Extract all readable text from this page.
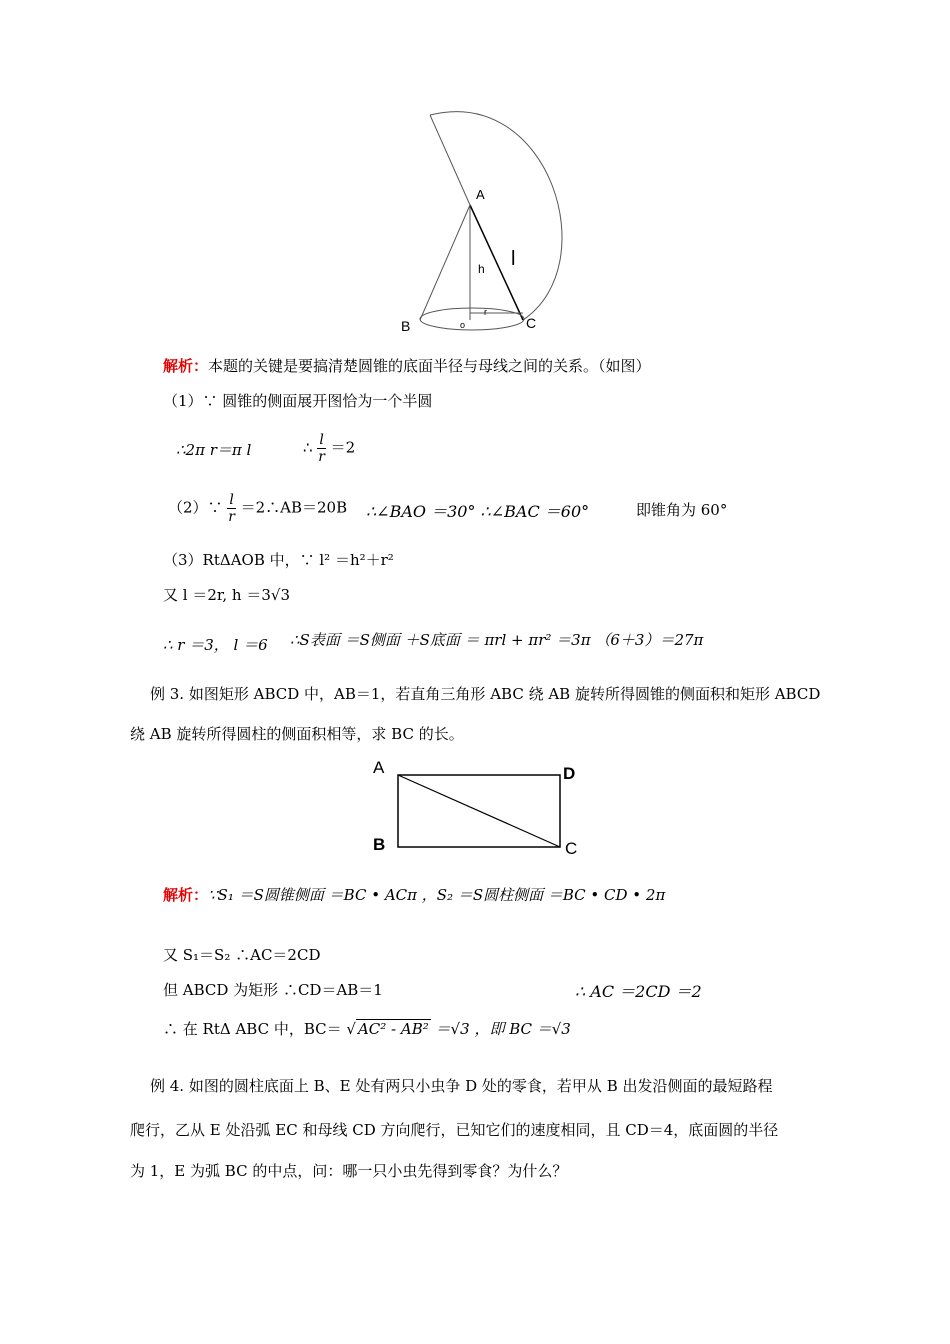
A
h l
r
o
B	C
解析：本题的关键是要搞清楚圆锥的底面半径与母线之间的关系。（如图）
（1）∵ 圆锥的侧面展开图恰为一个半圆
∴2π r＝π l	∴ $\frac{l}{r} =2$
（2）∵ $\frac{l}{r}$ ＝2∴AB＝20B ∴∠BAO ＝30° ∴∠BAC ＝60°	即锥角为 60°
（3）RtΔAOB 中，∵ l² ＝h²＋r²
又 l ＝2r, h ＝3√3
∴ r ＝3， l ＝6 ∴S表面 ＝S侧面 ＋S底面 ＝ πrl + πr² ＝3π （6＋3）＝27π
例 3. 如图矩形 ABCD 中，AB＝1，若直角三角形 ABC 绕 AB 旋转所得圆锥的侧面积和矩形 ABCD
绕 AB 旋转所得圆柱的侧面积相等，求 BC 的长。
A	D
B	C
解析：∵S₁ ＝S圆锥侧面 ＝BC • ACπ ，S₂ ＝S圆柱侧面 ＝BC • CD • 2π
又 S₁＝S₂ ∴AC＝2CD
但 ABCD 为矩形 ∴CD＝AB＝1	∴ AC ＝2CD ＝2
∴ 在 RtΔ ABC 中，BC＝ √ AC² - AB² ＝√3 ，即 BC ＝√3
例 4. 如图的圆柱底面上 B、E 处有两只小虫争 D 处的零食，若甲从 B 出发沿侧面的最短路程
爬行，乙从 E 处沿弧 EC 和母线 CD 方向爬行，已知它们的速度相同，且 CD＝4，底面圆的半径
为 1，E 为弧 BC 的中点，问：哪一只小虫先得到零食？为什么？
